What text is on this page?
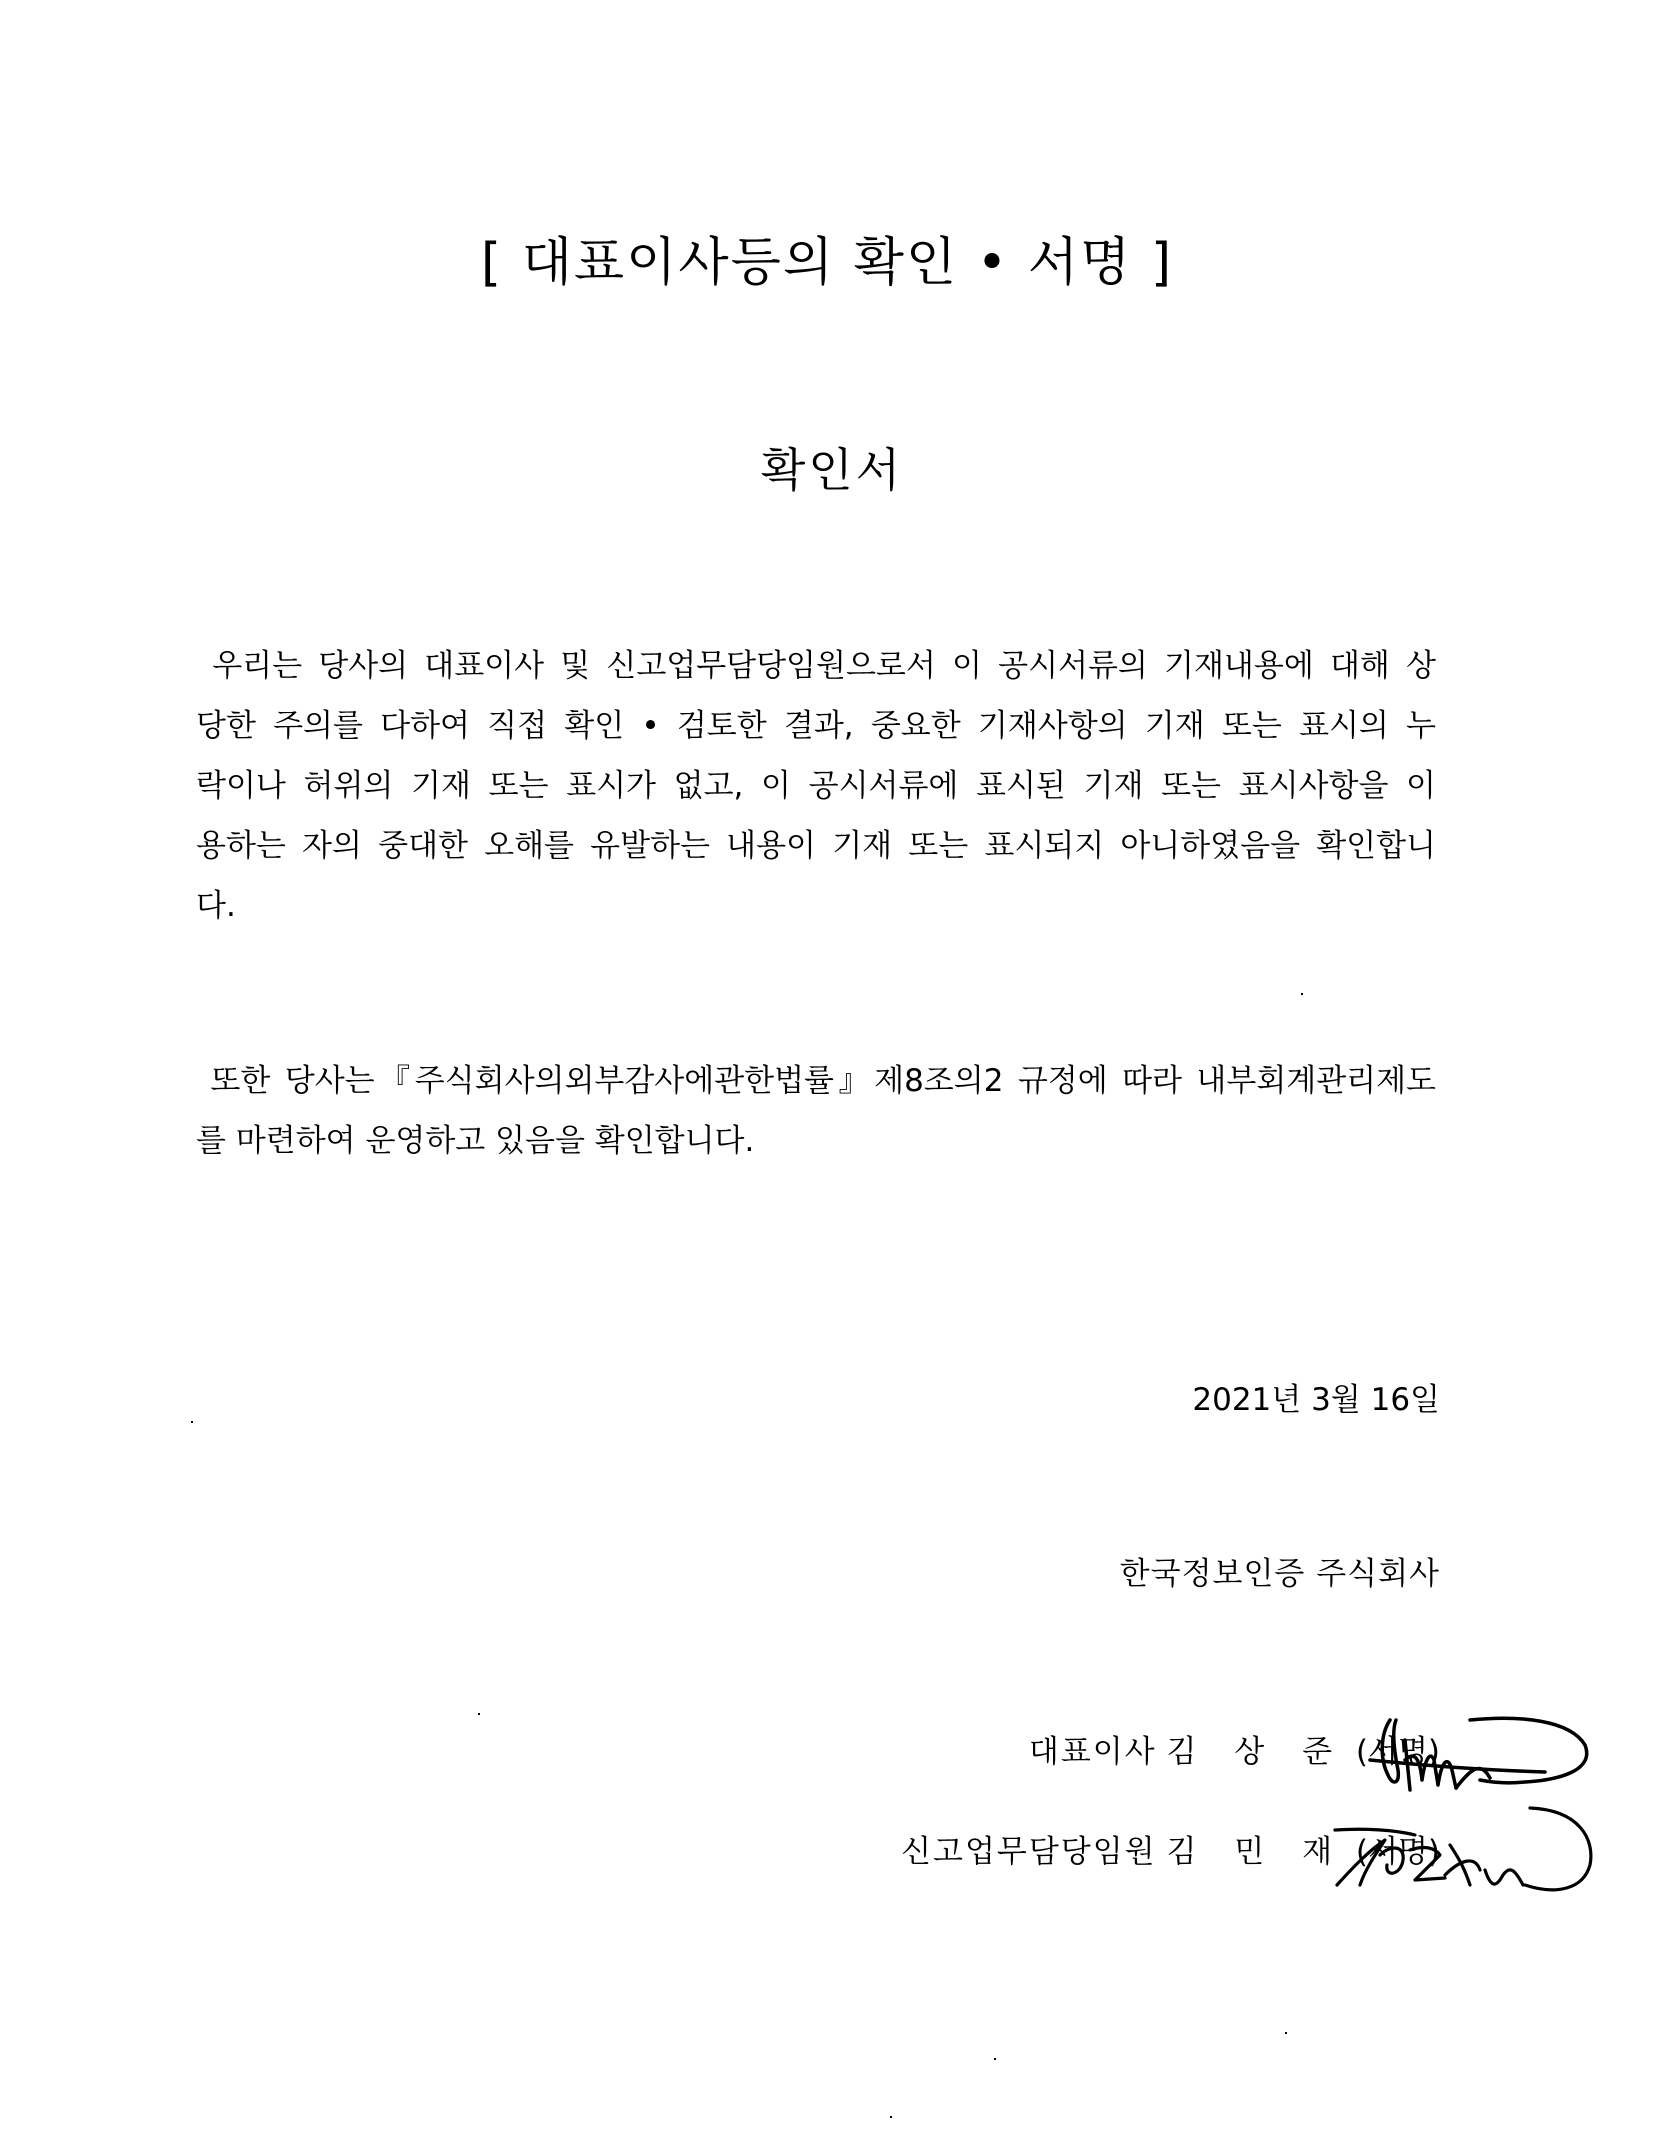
[ 대표이사등의 확인 • 서명 ]
확인서
우리는 당사의 대표이사 및 신고업무담당임원으로서 이 공시서류의 기재내용에 대해 상
당한 주의를 다하여 직접 확인 • 검토한 결과, 중요한 기재사항의 기재 또는 표시의 누
락이나 허위의 기재 또는 표시가 없고, 이 공시서류에 표시된 기재 또는 표시사항을 이
용하는 자의 중대한 오해를 유발하는 내용이 기재 또는 표시되지 아니하였음을 확인합니
다.
또한 당사는『주식회사의외부감사에관한법률』제8조의2 규정에 따라 내부회계관리제도
를 마련하여 운영하고 있음을 확인합니다.
2021년 3월 16일
한국정보인증 주식회사
대표이사 김 상 준 (서명)
신고업무담당임원 김 민 재 (서명)
